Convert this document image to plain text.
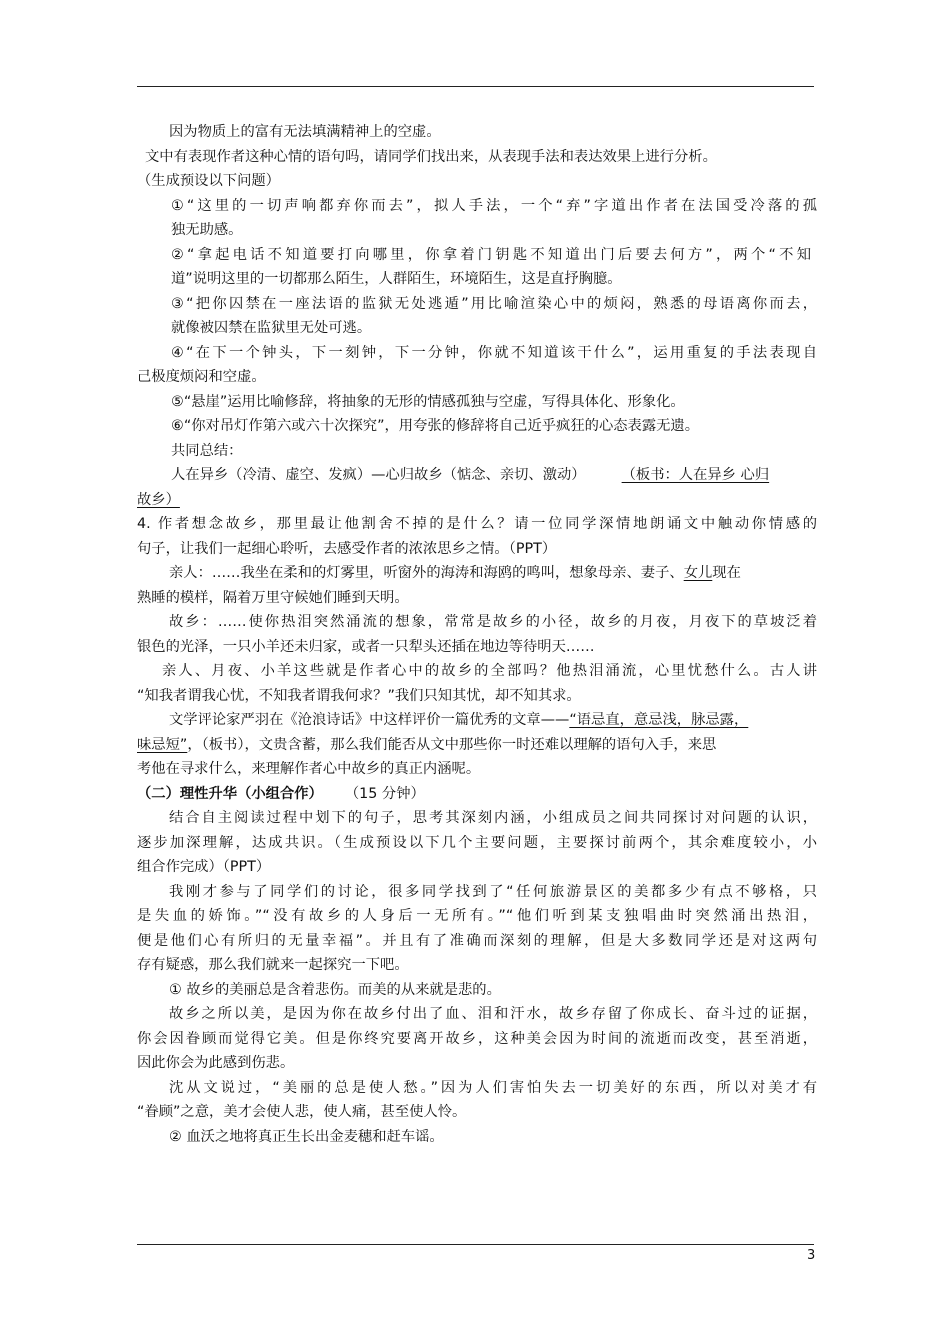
因为物质上的富有无法填满精神上的空虚。
文中有表现作者这种心情的语句吗，请同学们找出来，从表现手法和表达效果上进行分析。
（生成预设以下问题）
①“这里的一切声响都弃你而去”，拟人手法，一个“弃”字道出作者在法国受冷落的孤
独无助感。
②“拿起电话不知道要打向哪里，你拿着门钥匙不知道出门后要去何方”，两个“不知
道”说明这里的一切都那么陌生，人群陌生，环境陌生，这是直抒胸臆。
③“把你囚禁在一座法语的监狱无处逃遁”用比喻渲染心中的烦闷，熟悉的母语离你而去，
就像被囚禁在监狱里无处可逃。
④“在下一个钟头，下一刻钟，下一分钟，你就不知道该干什么”，运用重复的手法表现自
己极度烦闷和空虚。
⑤“悬崖”运用比喻修辞，将抽象的无形的情感孤独与空虚，写得具体化、形象化。
⑥“你对吊灯作第六或六十次探究”，用夸张的修辞将自己近乎疯狂的心态表露无遗。
共同总结：
人在异乡（冷清、虚空、发疯）—心归故乡（惦念、亲切、激动）	（板书：人在异乡 心归
故乡）
4. 作者想念故乡，那里最让他割舍不掉的是什么？请一位同学深情地朗诵文中触动你情感的
句子，让我们一起细心聆听，去感受作者的浓浓思乡之情。（PPT）
亲人：……我坐在柔和的灯雾里，听窗外的海涛和海鸥的鸣叫，想象母亲、妻子、女儿现在
熟睡的模样，隔着万里守候她们睡到天明。
故乡：……使你热泪突然涌流的想象，常常是故乡的小径，故乡的月夜，月夜下的草坡泛着
银色的光泽，一只小羊还未归家，或者一只犁头还插在地边等待明天……
亲人、月夜、小羊这些就是作者心中的故乡的全部吗？他热泪涌流，心里忧愁什么。古人讲
“知我者谓我心忧，不知我者谓我何求？”我们只知其忧，却不知其求。
文学评论家严羽在《沧浪诗话》中这样评价一篇优秀的文章——“语忌直，意忌浅，脉忌露，
味忌短”，（板书），文贵含蓄，那么我们能否从文中那些你一时还难以理解的语句入手，来思
考他在寻求什么，来理解作者心中故乡的真正内涵呢。
（二）理性升华（小组合作） （15 分钟）
结合自主阅读过程中划下的句子，思考其深刻内涵，小组成员之间共同探讨对问题的认识，
逐步加深理解，达成共识。（生成预设以下几个主要问题，主要探讨前两个，其余难度较小，小
组合作完成）（PPT）
我刚才参与了同学们的讨论，很多同学找到了“任何旅游景区的美都多少有点不够格，只
是失血的娇饰。”“没有故乡的人身后一无所有。”“他们听到某支独唱曲时突然涌出热泪，
便是他们心有所归的无量幸福”。并且有了准确而深刻的理解，但是大多数同学还是对这两句
存有疑惑，那么我们就来一起探究一下吧。
① 故乡的美丽总是含着悲伤。而美的从来就是悲的。
故乡之所以美，是因为你在故乡付出了血、泪和汗水，故乡存留了你成长、奋斗过的证据，
你会因眷顾而觉得它美。但是你终究要离开故乡，这种美会因为时间的流逝而改变，甚至消逝，
因此你会为此感到伤悲。
沈从文说过，“美丽的总是使人愁。”因为人们害怕失去一切美好的东西，所以对美才有
“眷顾”之意，美才会使人悲，使人痛，甚至使人怜。
② 血沃之地将真正生长出金麦穗和赶车谣。
3
